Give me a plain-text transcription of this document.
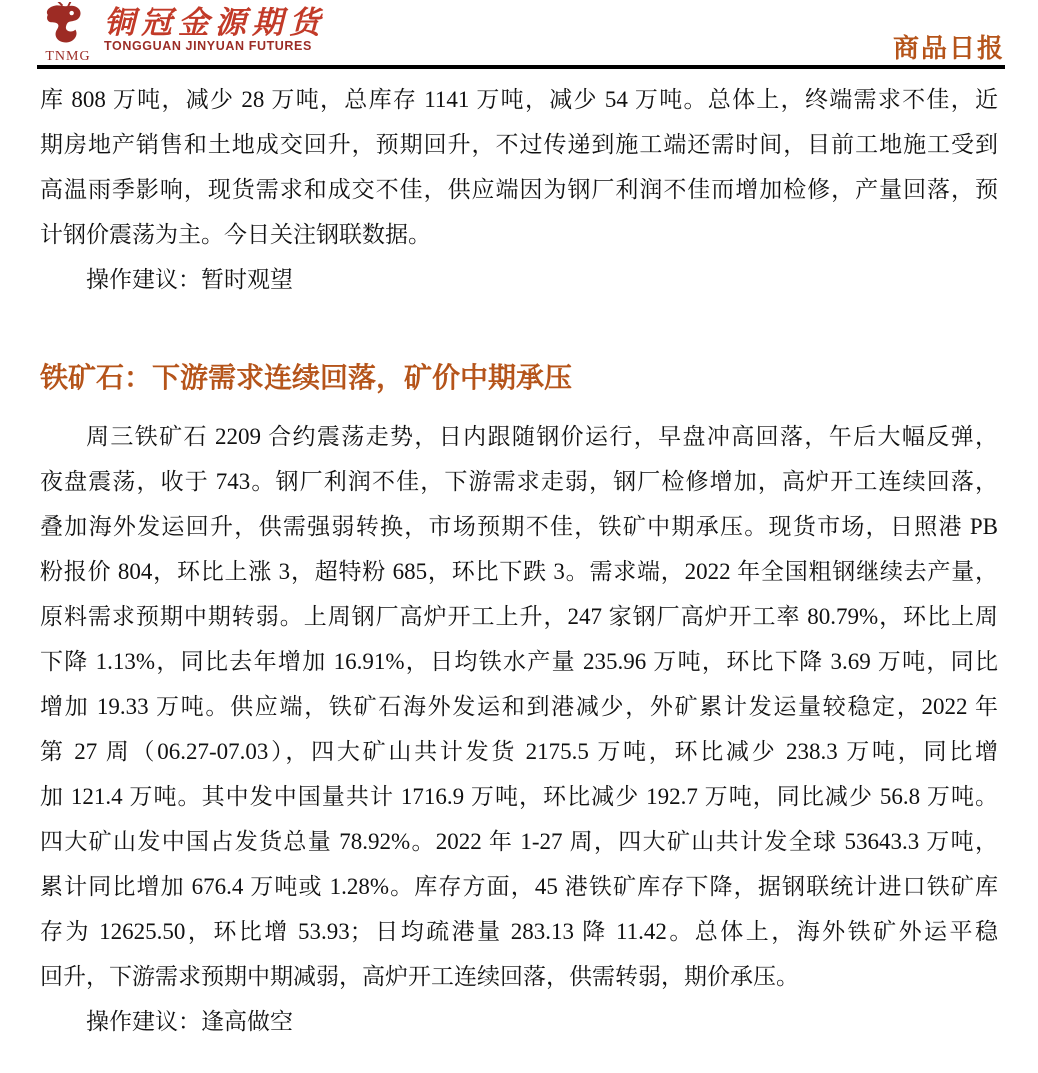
TNMG
铜冠金源期货
TONGGUAN JINYUAN FUTURES	商品日报
库 808 万吨，减少 28 万吨，总库存 1141 万吨，减少 54 万吨。总体上，终端需求不佳，近
期房地产销售和土地成交回升，预期回升，不过传递到施工端还需时间，目前工地施工受到
高温雨季影响，现货需求和成交不佳，供应端因为钢厂利润不佳而增加检修，产量回落，预
计钢价震荡为主。今日关注钢联数据。
操作建议：暂时观望
铁矿石：下游需求连续回落，矿价中期承压
周三铁矿石 2209 合约震荡走势，日内跟随钢价运行，早盘冲高回落，午后大幅反弹，
夜盘震荡，收于 743。钢厂利润不佳，下游需求走弱，钢厂检修增加，高炉开工连续回落，
叠加海外发运回升，供需强弱转换，市场预期不佳，铁矿中期承压。现货市场，日照港 PB
粉报价 804，环比上涨 3，超特粉 685，环比下跌 3。需求端，2022 年全国粗钢继续去产量，
原料需求预期中期转弱。上周钢厂高炉开工上升，247 家钢厂高炉开工率 80.79%，环比上周
下降 1.13%，同比去年增加 16.91%，日均铁水产量 235.96 万吨，环比下降 3.69 万吨，同比
增加 19.33 万吨。供应端，铁矿石海外发运和到港减少，外矿累计发运量较稳定，2022 年
第 27 周（06.27-07.03），四大矿山共计发货 2175.5 万吨，环比减少 238.3 万吨，同比增
加 121.4 万吨。其中发中国量共计 1716.9 万吨，环比减少 192.7 万吨，同比减少 56.8 万吨。
四大矿山发中国占发货总量 78.92%。2022 年 1-27 周，四大矿山共计发全球 53643.3 万吨，
累计同比增加 676.4 万吨或 1.28%。库存方面，45 港铁矿库存下降，据钢联统计进口铁矿库
存为 12625.50，环比增 53.93；日均疏港量 283.13 降 11.42。总体上，海外铁矿外运平稳
回升，下游需求预期中期减弱，高炉开工连续回落，供需转弱，期价承压。
操作建议：逢高做空
